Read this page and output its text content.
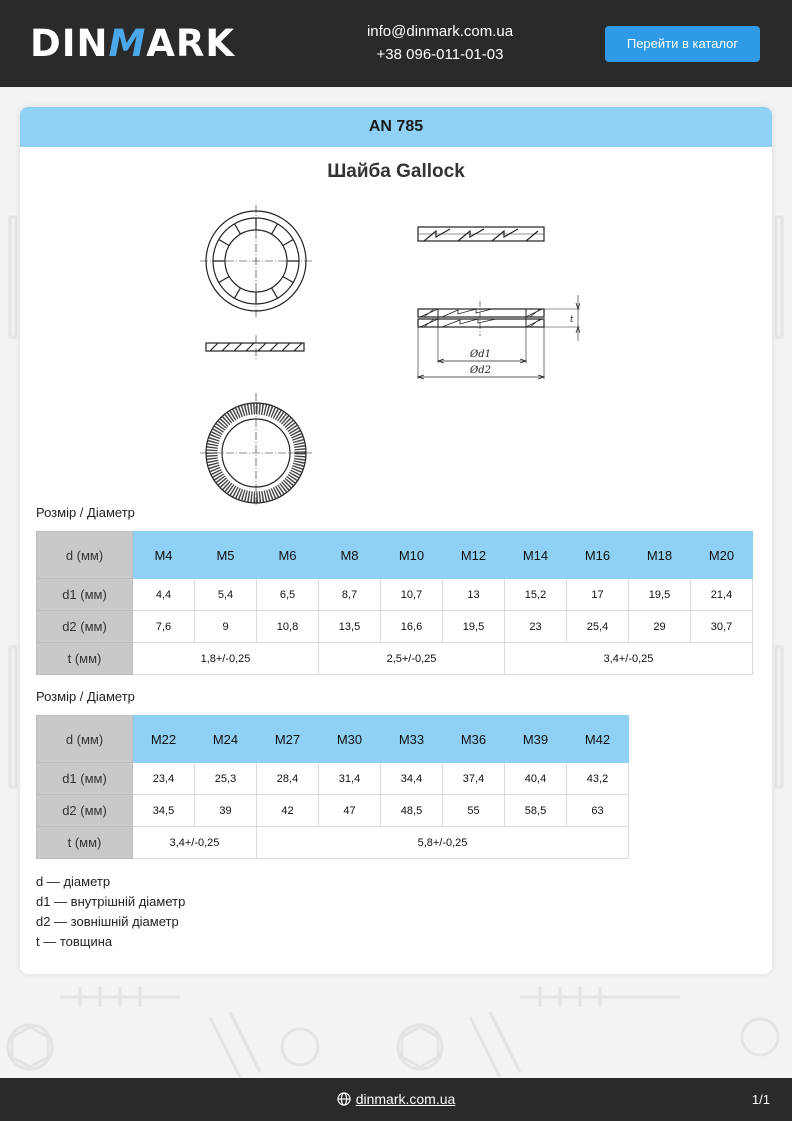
DINMARK	info@dinmark.com.ua
+38 096-011-01-03
Перейти в каталог
AN 785
Шайба Gallock
Ød1
Ød2
t
Розмір / Діаметр
d (мм)	M4	M5	M6	M8	M10	M12	M14	M16	M18	M20
d1 (мм)	4,4	5,4	6,5	8,7	10,7	13	15,2	17	19,5	21,4
d2 (мм)	7,6	9	10,8	13,5	16,6	19,5	23	25,4	29	30,7
t (мм)	1,8+/-0,25			2,5+/-0,25			3,4+/-0,25			
Розмір / Діаметр
d (мм)	M22	M24	M27	M30	M33	M36	M39	M42
d1 (мм)	23,4	25,3	28,4	31,4	34,4	37,4	40,4	43,2
d2 (мм)	34,5	39	42	47	48,5	55	58,5	63
t (мм)	3,4+/-0,25		5,8+/-0,25					
d — діаметр
d1 — внутрішній діаметр
d2 — зовнішній діаметр
t — товщина
dinmark.com.ua	1/1
